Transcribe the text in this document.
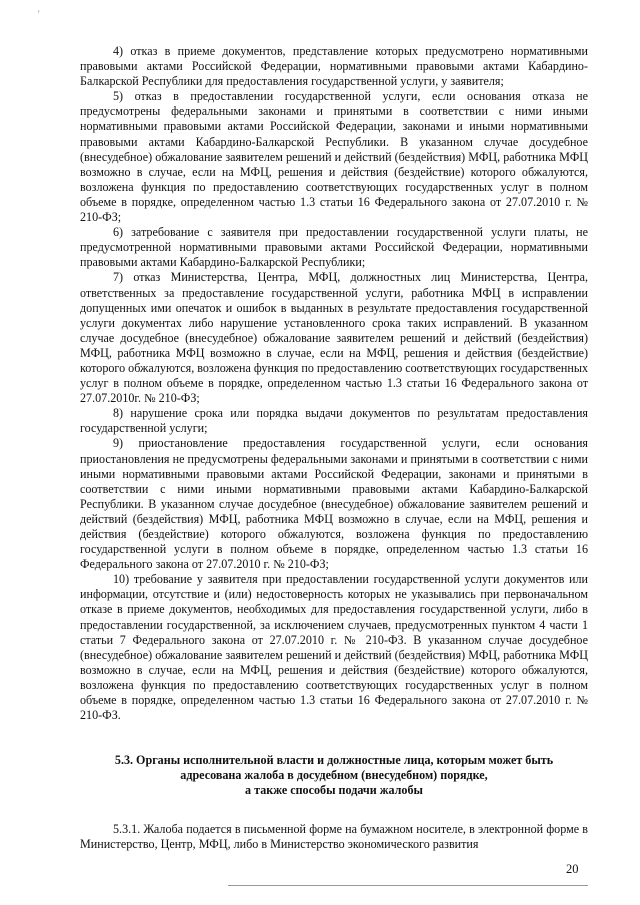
'

4) отказ в приеме документов, представление которых предусмотрено нормативными правовыми актами Российской Федерации, нормативными правовыми актами Кабардино-Балкарской Республики для предоставления государственной услуги, у заявителя;

5) отказ в предоставлении государственной услуги, если основания отказа не предусмотрены федеральными законами и принятыми в соответствии с ними иными нормативными правовыми актами Российской Федерации, законами и иными нормативными правовыми актами Кабардино-Балкарской Республики. В указанном случае досудебное (внесудебное) обжалование заявителем решений и действий (бездействия) МФЦ, работника МФЦ возможно в случае, если на МФЦ, решения и действия (бездействие) которого обжалуются, возложена функция по предоставлению соответствующих государственных услуг в полном объеме в порядке, определенном частью 1.3 статьи 16 Федерального закона от 27.07.2010 г. № 210-ФЗ;

6) затребование с заявителя при предоставлении государственной услуги платы, не предусмотренной нормативными правовыми актами Российской Федерации, нормативными правовыми актами Кабардино-Балкарской Республики;

7) отказ Министерства, Центра, МФЦ, должностных лиц Министерства, Центра, ответственных за предоставление государственной услуги, работника МФЦ в исправлении допущенных ими опечаток и ошибок в выданных в результате предоставления государственной услуги документах либо нарушение установленного срока таких исправлений. В указанном случае досудебное (внесудебное) обжалование заявителем решений и действий (бездействия) МФЦ, работника МФЦ возможно в случае, если на МФЦ, решения и действия (бездействие) которого обжалуются, возложена функция по предоставлению соответствующих государственных услуг в полном объеме в порядке, определенном частью 1.3 статьи 16 Федерального закона от 27.07.2010г. № 210-ФЗ;

8) нарушение срока или порядка выдачи документов по результатам предоставления государственной услуги;

9) приостановление предоставления государственной услуги, если основания приостановления не предусмотрены федеральными законами и принятыми в соответствии с ними иными нормативными правовыми актами Российской Федерации, законами и принятыми в соответствии с ними иными нормативными правовыми актами Кабардино-Балкарской Республики. В указанном случае досудебное (внесудебное) обжалование заявителем решений и действий (бездействия) МФЦ, работника МФЦ возможно в случае, если на МФЦ, решения и действия (бездействие) которого обжалуются, возложена функция по предоставлению государственной услуги в полном объеме в порядке, определенном частью 1.3 статьи 16 Федерального закона от 27.07.2010 г. № 210-ФЗ;

10) требование у заявителя при предоставлении государственной услуги документов или информации, отсутствие и (или) недостоверность которых не указывались при первоначальном отказе в приеме документов, необходимых для предоставления государственной услуги, либо в предоставлении государственной, за исключением случаев, предусмотренных пунктом 4 части 1 статьи 7 Федерального закона от 27.07.2010 г. № 210-ФЗ. В указанном случае досудебное (внесудебное) обжалование заявителем решений и действий (бездействия) МФЦ, работника МФЦ возможно в случае, если на МФЦ, решения и действия (бездействие) которого обжалуются, возложена функция по предоставлению соответствующих государственных услуг в полном объеме в порядке, определенном частью 1.3 статьи 16 Федерального закона от 27.07.2010 г. № 210-ФЗ.

5.3. Органы исполнительной власти и должностные лица, которым может быть
адресована жалоба в досудебном (внесудебном) порядке,
а также способы подачи жалобы

5.3.1. Жалоба подается в письменной форме на бумажном носителе, в электронной форме в Министерство, Центр, МФЦ, либо в Министерство экономического развития

20
